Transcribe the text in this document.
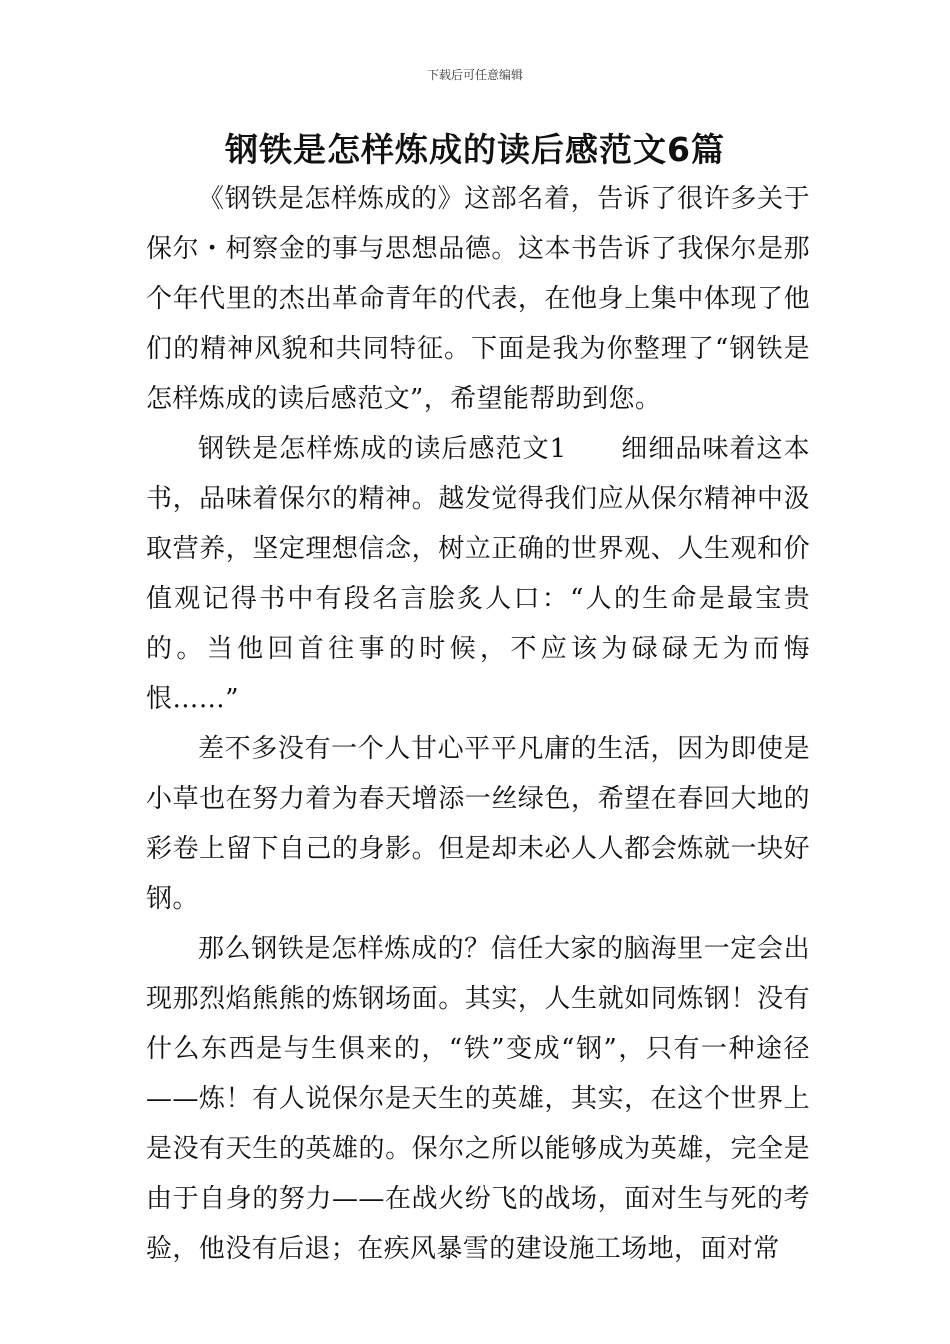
下载后可任意编辑
钢铁是怎样炼成的读后感范文6篇

《钢铁是怎样炼成的》这部名着，告诉了很许多关于保尔・柯察金的事与思想品德。这本书告诉了我保尔是那个年代里的杰出革命青年的代表，在他身上集中体现了他们的精神风貌和共同特征。下面是我为你整理了“钢铁是怎样炼成的读后感范文”，希望能帮助到您。

钢铁是怎样炼成的读后感范文1　　细细品味着这本书，品味着保尔的精神。越发觉得我们应从保尔精神中汲取营养，坚定理想信念，树立正确的世界观、人生观和价值观记得书中有段名言脍炙人口：“人的生命是最宝贵的。当他回首往事的时候，不应该为碌碌无为而悔恨……”

差不多没有一个人甘心平平凡庸的生活，因为即使是小草也在努力着为春天增添一丝绿色，希望在春回大地的彩卷上留下自己的身影。但是却未必人人都会炼就一块好钢。

那么钢铁是怎样炼成的？信任大家的脑海里一定会出现那烈焰熊熊的炼钢场面。其实，人生就如同炼钢！没有什么东西是与生俱来的，“铁”变成“钢”，只有一种途径——炼！有人说保尔是天生的英雄，其实，在这个世界上是没有天生的英雄的。保尔之所以能够成为英雄，完全是由于自身的努力——在战火纷飞的战场，面对生与死的考验，他没有后退；在疾风暴雪的建设施工场地，面对常
